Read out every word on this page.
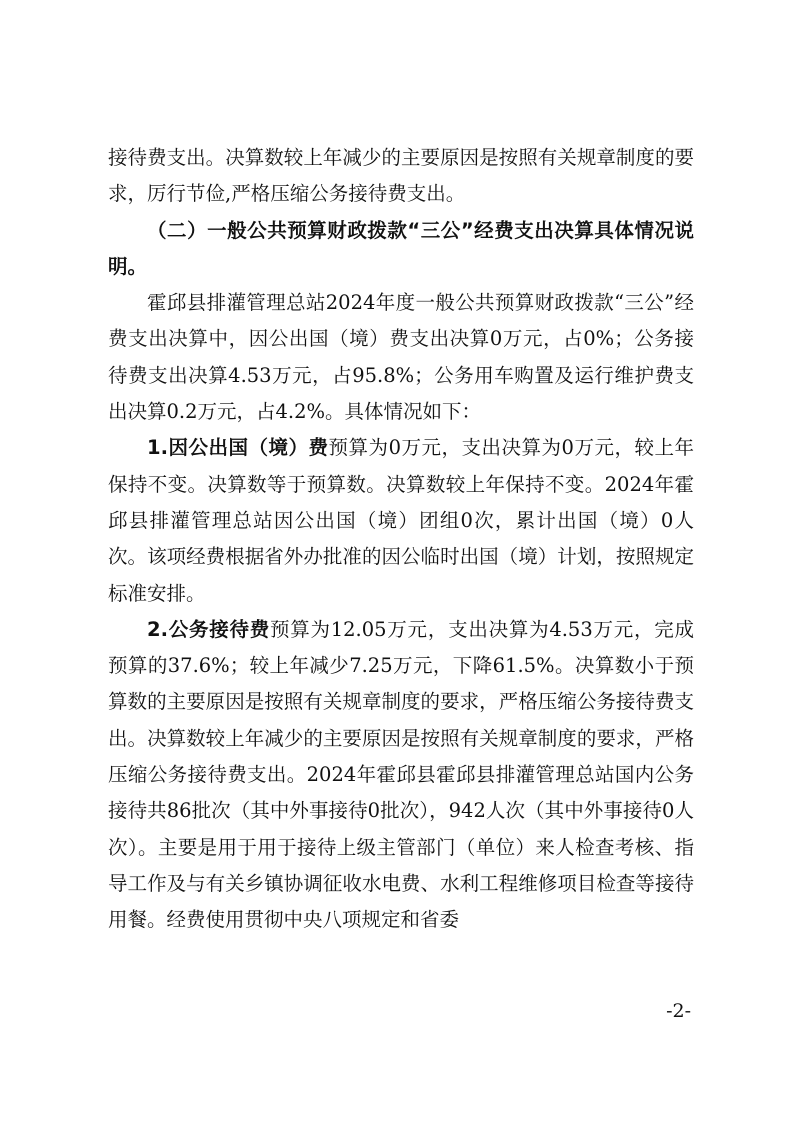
接待费支出。决算数较上年减少的主要原因是按照有关规章制度的要求，厉行节俭,严格压缩公务接待费支出。

（二）一般公共预算财政拨款“三公”经费支出决算具体情况说明。

霍邱县排灌管理总站2024年度一般公共预算财政拨款“三公”经费支出决算中，因公出国（境）费支出决算0万元，占0%；公务接待费支出决算4.53万元，占95.8%；公务用车购置及运行维护费支出决算0.2万元，占4.2%。具体情况如下：

1.因公出国（境）费预算为0万元，支出决算为0万元，较上年保持不变。决算数等于预算数。决算数较上年保持不变。2024年霍邱县排灌管理总站因公出国（境）团组0次，累计出国（境）0人次。该项经费根据省外办批准的因公临时出国（境）计划，按照规定标准安排。

2.公务接待费预算为12.05万元，支出决算为4.53万元，完成预算的37.6%；较上年减少7.25万元，下降61.5%。决算数小于预算数的主要原因是按照有关规章制度的要求，严格压缩公务接待费支出。决算数较上年减少的主要原因是按照有关规章制度的要求，严格压缩公务接待费支出。2024年霍邱县霍邱县排灌管理总站国内公务接待共86批次（其中外事接待0批次），942人次（其中外事接待0人次）。主要是用于用于接待上级主管部门（单位）来人检查考核、指导工作及与有关乡镇协调征收水电费、水利工程维修项目检查等接待用餐。经费使用贯彻中央八项规定和省委

-2-
